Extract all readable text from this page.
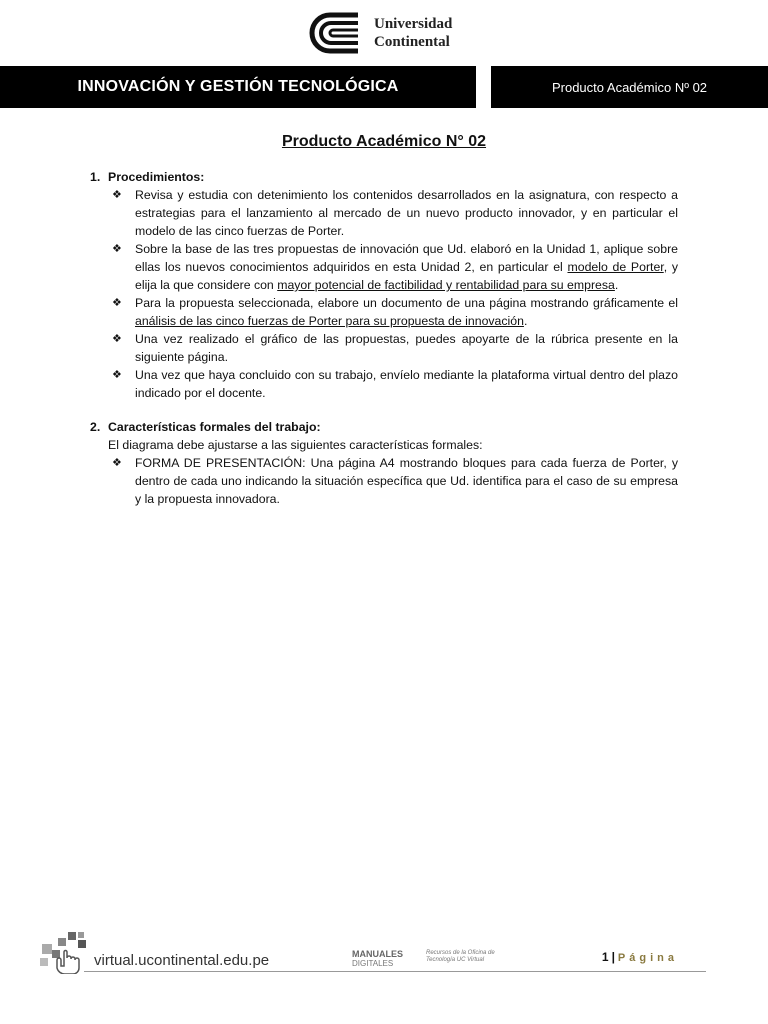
Universidad
Continental
INNOVACIÓN Y GESTIÓN TECNOLÓGICA	Producto Académico Nº 02
Producto Académico N° 02
1. Procedimientos:
❖ Revisa y estudia con detenimiento los contenidos desarrollados en la asignatura, con respecto a estrategias para el lanzamiento al mercado de un nuevo producto innovador, y en particular el modelo de las cinco fuerzas de Porter.
❖ Sobre la base de las tres propuestas de innovación que Ud. elaboró en la Unidad 1, aplique sobre ellas los nuevos conocimientos adquiridos en esta Unidad 2, en particular el modelo de Porter, y elija la que considere con mayor potencial de factibilidad y rentabilidad para su empresa.
❖ Para la propuesta seleccionada, elabore un documento de una página mostrando gráficamente el análisis de las cinco fuerzas de Porter para su propuesta de innovación.
❖ Una vez realizado el gráfico de las propuestas, puedes apoyarte de la rúbrica presente en la siguiente página.
❖ Una vez que haya concluido con su trabajo, envíelo mediante la plataforma virtual dentro del plazo indicado por el docente.
2. Características formales del trabajo:
El diagrama debe ajustarse a las siguientes características formales:
❖ FORMA DE PRESENTACIÓN: Una página A4 mostrando bloques para cada fuerza de Porter, y dentro de cada uno indicando la situación específica que Ud. identifica para el caso de su empresa y la propuesta innovadora.
virtual.ucontinental.edu.pe	MANUALES
DIGITALES
Recursos de la Oficina de Tecnología UC Virtual	1 | Página
